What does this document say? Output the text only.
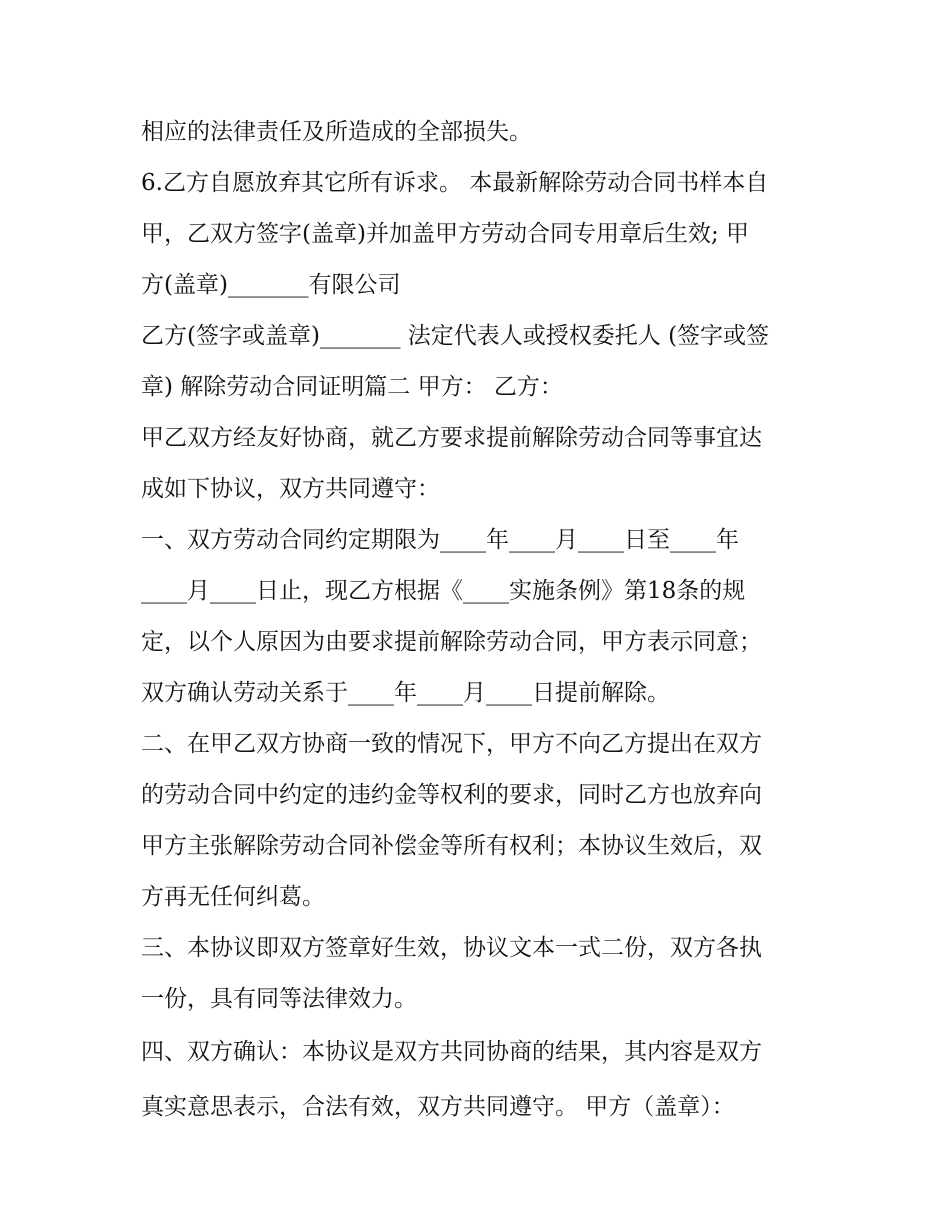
相应的法律责任及所造成的全部损失。
6.乙方自愿放弃其它所有诉求。 本最新解除劳动合同书样本自
甲，乙双方签字(盖章)并加盖甲方劳动合同专用章后生效; 甲
方(盖章)_______有限公司
乙方(签字或盖章)_______ 法定代表人或授权委托人 (签字或签
章) 解除劳动合同证明篇二 甲方： 乙方：
甲乙双方经友好协商，就乙方要求提前解除劳动合同等事宜达
成如下协议，双方共同遵守：
一、双方劳动合同约定期限为____年____月____日至____年
____月____日止，现乙方根据《____实施条例》第18条的规
定，以个人原因为由要求提前解除劳动合同，甲方表示同意；
双方确认劳动关系于____年____月____日提前解除。
二、在甲乙双方协商一致的情况下，甲方不向乙方提出在双方
的劳动合同中约定的违约金等权利的要求，同时乙方也放弃向
甲方主张解除劳动合同补偿金等所有权利；本协议生效后，双
方再无任何纠葛。
三、本协议即双方签章好生效，协议文本一式二份，双方各执
一份，具有同等法律效力。
四、双方确认：本协议是双方共同协商的结果，其内容是双方
真实意思表示，合法有效，双方共同遵守。 甲方（盖章）：
